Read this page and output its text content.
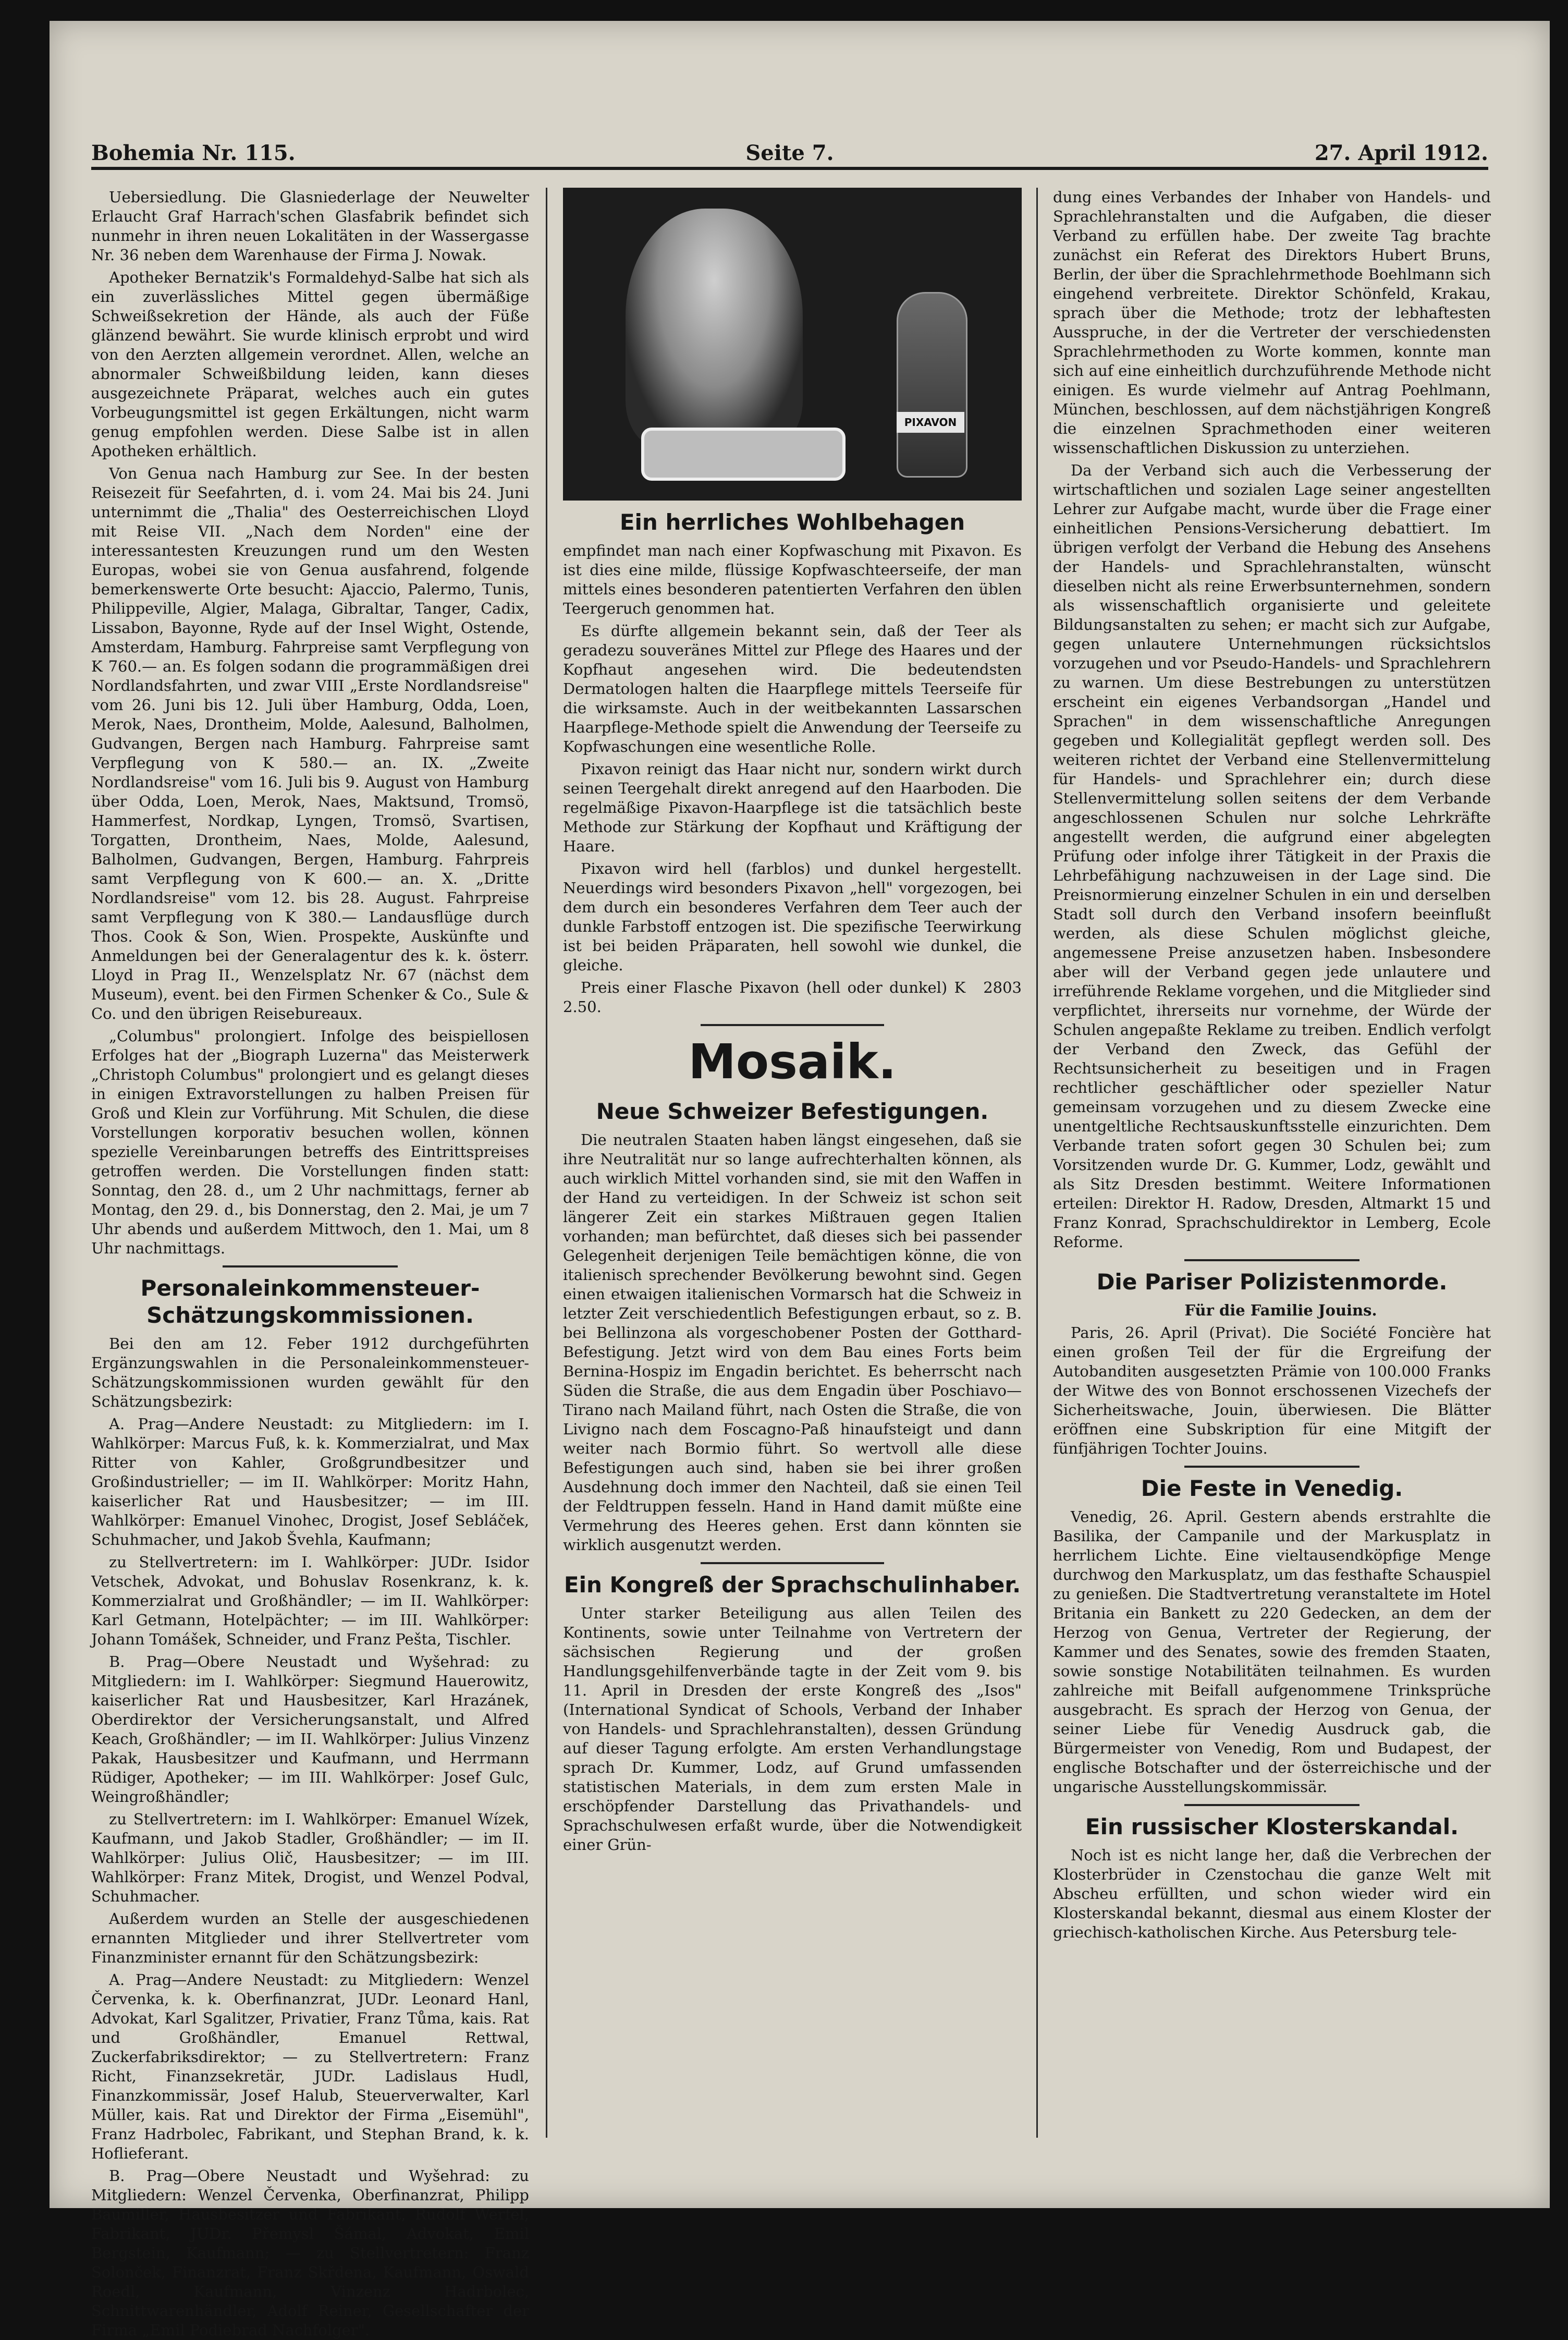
Bohemia Nr. 115.	Seite 7.	27. April 1912.

Uebersiedlung. Die Glasniederlage der Neuwelter Erlaucht Graf Harrach'schen Glasfabrik befindet sich nunmehr in ihren neuen Lokalitäten in der Wassergasse Nr. 36 neben dem Warenhause der Firma J. Nowak.

Apotheker Bernatzik's Formaldehyd-Salbe hat sich als ein zuverlässliches Mittel gegen übermäßige Schweißsekretion der Hände, als auch der Füße glänzend bewährt. Sie wurde klinisch erprobt und wird von den Aerzten allgemein verordnet. Allen, welche an abnormaler Schweißbildung leiden, kann dieses ausgezeichnete Präparat, welches auch ein gutes Vorbeugungsmittel ist gegen Erkältungen, nicht warm genug empfohlen werden. Diese Salbe ist in allen Apotheken erhältlich.

Von Genua nach Hamburg zur See. In der besten Reisezeit für Seefahrten, d. i. vom 24. Mai bis 24. Juni unternimmt die „Thalia" des Oesterreichischen Lloyd mit Reise VII. „Nach dem Norden" eine der interessantesten Kreuzungen rund um den Westen Europas, wobei sie von Genua ausfahrend, folgende bemerkenswerte Orte besucht: Ajaccio, Palermo, Tunis, Philippeville, Algier, Malaga, Gibraltar, Tanger, Cadix, Lissabon, Bayonne, Ryde auf der Insel Wight, Ostende, Amsterdam, Hamburg. Fahrpreise samt Verpflegung von K 760.— an. Es folgen sodann die programmäßigen drei Nordlandsfahrten, und zwar VIII „Erste Nordlandsreise" vom 26. Juni bis 12. Juli über Hamburg, Odda, Loen, Merok, Naes, Drontheim, Molde, Aalesund, Balholmen, Gudvangen, Bergen nach Hamburg. Fahrpreise samt Verpflegung von K 580.— an. IX. „Zweite Nordlandsreise" vom 16. Juli bis 9. August von Hamburg über Odda, Loen, Merok, Naes, Maktsund, Tromsö, Hammerfest, Nordkap, Lyngen, Tromsö, Svartisen, Torgatten, Drontheim, Naes, Molde, Aalesund, Balholmen, Gudvangen, Bergen, Hamburg. Fahrpreis samt Verpflegung von K 600.— an. X. „Dritte Nordlandsreise" vom 12. bis 28. August. Fahrpreise samt Verpflegung von K 380.— Landausflüge durch Thos. Cook & Son, Wien. Prospekte, Auskünfte und Anmeldungen bei der Generalagentur des k. k. österr. Lloyd in Prag II., Wenzelsplatz Nr. 67 (nächst dem Museum), event. bei den Firmen Schenker & Co., Sule & Co. und den übrigen Reisebureaux.

„Columbus" prolongiert. Infolge des beispiellosen Erfolges hat der „Biograph Luzerna" das Meisterwerk „Christoph Columbus" prolongiert und es gelangt dieses in einigen Extravorstellungen zu halben Preisen für Groß und Klein zur Vorführung. Mit Schulen, die diese Vorstellungen korporativ besuchen wollen, können spezielle Vereinbarungen betreffs des Eintrittspreises getroffen werden. Die Vorstellungen finden statt: Sonntag, den 28. d., um 2 Uhr nachmittags, ferner ab Montag, den 29. d., bis Donnerstag, den 2. Mai, je um 7 Uhr abends und außerdem Mittwoch, den 1. Mai, um 8 Uhr nachmittags.

Personaleinkommensteuer-Schätzungskommissionen.

Bei den am 12. Feber 1912 durchgeführten Ergänzungswahlen in die Personaleinkommensteuer-Schätzungskommissionen wurden gewählt für den Schätzungsbezirk:

A. Prag—Andere Neustadt: zu Mitgliedern: im I. Wahlkörper: Marcus Fuß, k. k. Kommerzialrat, und Max Ritter von Kahler, Großgrundbesitzer und Großindustrieller; — im II. Wahlkörper: Moritz Hahn, kaiserlicher Rat und Hausbesitzer; — im III. Wahlkörper: Emanuel Vinohec, Drogist, Josef Sebláček, Schuhmacher, und Jakob Švehla, Kaufmann;

zu Stellvertretern: im I. Wahlkörper: JUDr. Isidor Vetschek, Advokat, und Bohuslav Rosenkranz, k. k. Kommerzialrat und Großhändler; — im II. Wahlkörper: Karl Getmann, Hotelpächter; — im III. Wahlkörper: Johann Tomášek, Schneider, und Franz Pešta, Tischler.

B. Prag—Obere Neustadt und Wyšehrad: zu Mitgliedern: im I. Wahlkörper: Siegmund Hauerowitz, kaiserlicher Rat und Hausbesitzer, Karl Hrazánek, Oberdirektor der Versicherungsanstalt, und Alfred Keach, Großhändler; — im II. Wahlkörper: Julius Vinzenz Pakak, Hausbesitzer und Kaufmann, und Herrmann Rüdiger, Apotheker; — im III. Wahlkörper: Josef Gulc, Weingroßhändler;

zu Stellvertretern: im I. Wahlkörper: Emanuel Wízek, Kaufmann, und Jakob Stadler, Großhändler; — im II. Wahlkörper: Julius Olič, Hausbesitzer; — im III. Wahlkörper: Franz Mitek, Drogist, und Wenzel Podval, Schuhmacher.

Außerdem wurden an Stelle der ausgeschiedenen ernannten Mitglieder und ihrer Stellvertreter vom Finanzminister ernannt für den Schätzungsbezirk:

A. Prag—Andere Neustadt: zu Mitgliedern: Wenzel Červenka, k. k. Oberfinanzrat, JUDr. Leonard Hanl, Advokat, Karl Sgalitzer, Privatier, Franz Tůma, kais. Rat und Großhändler, Emanuel Rettwal, Zuckerfabriksdirektor; — zu Stellvertretern: Franz Richt, Finanzsekretär, JUDr. Ladislaus Hudl, Finanzkommissär, Josef Halub, Steuerverwalter, Karl Müller, kais. Rat und Direktor der Firma „Eisemühl", Franz Hadrbolec, Fabrikant, und Stephan Brand, k. k. Hoflieferant.

B. Prag—Obere Neustadt und Wyšehrad: zu Mitgliedern: Wenzel Červenka, Oberfinanzrat, Philipp Baumiller, Hausbesitzer und Fabrikant, Rudolf Werfel, Fabrikant, JUDr. Přemysl Šámal, Advokat, Emil Bergstein, Kaufmann; — zu Stellvertretern: Franz Solonček, Finanzrat, Franz Skřdena, Kaufmann, Oswald Roedl, Kaufmann, Vinzenz Hadrbolec, Schnittwarenhändler, Adolf Reiner, Gesellschafter der Firma „Emil Podiebrad Nachfolger".

PIXAVON
Ein herrliches Wohlbehagen

empfindet man nach einer Kopfwaschung mit Pixavon. Es ist dies eine milde, flüssige Kopfwaschteerseife, der man mittels eines besonderen patentierten Verfahren den üblen Teergeruch genommen hat.

Es dürfte allgemein bekannt sein, daß der Teer als geradezu souveränes Mittel zur Pflege des Haares und der Kopfhaut angesehen wird. Die bedeutendsten Dermatologen halten die Haarpflege mittels Teerseife für die wirksamste. Auch in der weitbekannten Lassarschen Haarpflege-Methode spielt die Anwendung der Teerseife zu Kopfwaschungen eine wesentliche Rolle.

Pixavon reinigt das Haar nicht nur, sondern wirkt durch seinen Teergehalt direkt anregend auf den Haarboden. Die regelmäßige Pixavon-Haarpflege ist die tatsächlich beste Methode zur Stärkung der Kopfhaut und Kräftigung der Haare.

Pixavon wird hell (farblos) und dunkel hergestellt. Neuerdings wird besonders Pixavon „hell" vorgezogen, bei dem durch ein besonderes Verfahren dem Teer auch der dunkle Farbstoff entzogen ist. Die spezifische Teerwirkung ist bei beiden Präparaten, hell sowohl wie dunkel, die gleiche.

Preis einer Flasche Pixavon (hell oder dunkel) K 2.50.
2803

Mosaik.
Neue Schweizer Befestigungen.

Die neutralen Staaten haben längst eingesehen, daß sie ihre Neutralität nur so lange aufrechterhalten können, als auch wirklich Mittel vorhanden sind, sie mit den Waffen in der Hand zu verteidigen. In der Schweiz ist schon seit längerer Zeit ein starkes Mißtrauen gegen Italien vorhanden; man befürchtet, daß dieses sich bei passender Gelegenheit derjenigen Teile bemächtigen könne, die von italienisch sprechender Bevölkerung bewohnt sind. Gegen einen etwaigen italienischen Vormarsch hat die Schweiz in letzter Zeit verschiedentlich Befestigungen erbaut, so z. B. bei Bellinzona als vorgeschobener Posten der Gotthard-Befestigung. Jetzt wird von dem Bau eines Forts beim Bernina-Hospiz im Engadin berichtet. Es beherrscht nach Süden die Straße, die aus dem Engadin über Poschiavo—Tirano nach Mailand führt, nach Osten die Straße, die von Livigno nach dem Foscagno-Paß hinaufsteigt und dann weiter nach Bormio führt. So wertvoll alle diese Befestigungen auch sind, haben sie bei ihrer großen Ausdehnung doch immer den Nachteil, daß sie einen Teil der Feldtruppen fesseln. Hand in Hand damit müßte eine Vermehrung des Heeres gehen. Erst dann könnten sie wirklich ausgenutzt werden.

Ein Kongreß der Sprachschulinhaber.

Unter starker Beteiligung aus allen Teilen des Kontinents, sowie unter Teilnahme von Vertretern der sächsischen Regierung und der großen Handlungsgehilfenverbände tagte in der Zeit vom 9. bis 11. April in Dresden der erste Kongreß des „Isos" (International Syndicat of Schools, Verband der Inhaber von Handels- und Sprachlehranstalten), dessen Gründung auf dieser Tagung erfolgte. Am ersten Verhandlungstage sprach Dr. Kummer, Lodz, auf Grund umfassenden statistischen Materials, in dem zum ersten Male in erschöpfender Darstellung das Privathandels- und Sprachschulwesen erfaßt wurde, über die Notwendigkeit einer Grün-

dung eines Verbandes der Inhaber von Handels- und Sprachlehranstalten und die Aufgaben, die dieser Verband zu erfüllen habe. Der zweite Tag brachte zunächst ein Referat des Direktors Hubert Bruns, Berlin, der über die Sprachlehrmethode Boehlmann sich eingehend verbreitete. Direktor Schönfeld, Krakau, sprach über die Methode; trotz der lebhaftesten Ausspruche, in der die Vertreter der verschiedensten Sprachlehrmethoden zu Worte kommen, konnte man sich auf eine einheitlich durchzuführende Methode nicht einigen. Es wurde vielmehr auf Antrag Poehlmann, München, beschlossen, auf dem nächstjährigen Kongreß die einzelnen Sprachmethoden einer weiteren wissenschaftlichen Diskussion zu unterziehen.

Da der Verband sich auch die Verbesserung der wirtschaftlichen und sozialen Lage seiner angestellten Lehrer zur Aufgabe macht, wurde über die Frage einer einheitlichen Pensions-Versicherung debattiert. Im übrigen verfolgt der Verband die Hebung des Ansehens der Handels- und Sprachlehranstalten, wünscht dieselben nicht als reine Erwerbsunternehmen, sondern als wissenschaftlich organisierte und geleitete Bildungsanstalten zu sehen; er macht sich zur Aufgabe, gegen unlautere Unternehmungen rücksichtslos vorzugehen und vor Pseudo-Handels- und Sprachlehrern zu warnen. Um diese Bestrebungen zu unterstützen erscheint ein eigenes Verbandsorgan „Handel und Sprachen" in dem wissenschaftliche Anregungen gegeben und Kollegialität gepflegt werden soll. Des weiteren richtet der Verband eine Stellenvermittelung für Handels- und Sprachlehrer ein; durch diese Stellenvermittelung sollen seitens der dem Verbande angeschlossenen Schulen nur solche Lehrkräfte angestellt werden, die aufgrund einer abgelegten Prüfung oder infolge ihrer Tätigkeit in der Praxis die Lehrbefähigung nachzuweisen in der Lage sind. Die Preisnormierung einzelner Schulen in ein und derselben Stadt soll durch den Verband insofern beeinflußt werden, als diese Schulen möglichst gleiche, angemessene Preise anzusetzen haben. Insbesondere aber will der Verband gegen jede unlautere und irreführende Reklame vorgehen, und die Mitglieder sind verpflichtet, ihrerseits nur vornehme, der Würde der Schulen angepaßte Reklame zu treiben. Endlich verfolgt der Verband den Zweck, das Gefühl der Rechtsunsicherheit zu beseitigen und in Fragen rechtlicher geschäftlicher oder spezieller Natur gemeinsam vorzugehen und zu diesem Zwecke eine unentgeltliche Rechtsauskunftsstelle einzurichten. Dem Verbande traten sofort gegen 30 Schulen bei; zum Vorsitzenden wurde Dr. G. Kummer, Lodz, gewählt und als Sitz Dresden bestimmt. Weitere Informationen erteilen: Direktor H. Radow, Dresden, Altmarkt 15 und Franz Konrad, Sprachschuldirektor in Lemberg, Ecole Reforme.

Die Pariser Polizistenmorde.

Für die Familie Jouins.

Paris, 26. April (Privat). Die Société Foncière hat einen großen Teil der für die Ergreifung der Autobanditen ausgesetzten Prämie von 100.000 Franks der Witwe des von Bonnot erschossenen Vizechefs der Sicherheitswache, Jouin, überwiesen. Die Blätter eröffnen eine Subskription für eine Mitgift der fünfjährigen Tochter Jouins.

Die Feste in Venedig.

Venedig, 26. April. Gestern abends erstrahlte die Basilika, der Campanile und der Markusplatz in herrlichem Lichte. Eine vieltausendköpfige Menge durchwog den Markusplatz, um das festhafte Schauspiel zu genießen. Die Stadtvertretung veranstaltete im Hotel Britania ein Bankett zu 220 Gedecken, an dem der Herzog von Genua, Vertreter der Regierung, der Kammer und des Senates, sowie des fremden Staaten, sowie sonstige Notabilitäten teilnahmen. Es wurden zahlreiche mit Beifall aufgenommene Trinksprüche ausgebracht. Es sprach der Herzog von Genua, der seiner Liebe für Venedig Ausdruck gab, die Bürgermeister von Venedig, Rom und Budapest, der englische Botschafter und der österreichische und der ungarische Ausstellungskommissär.

Ein russischer Klosterskandal.

Noch ist es nicht lange her, daß die Verbrechen der Klosterbrüder in Czenstochau die ganze Welt mit Abscheu erfüllten, und schon wieder wird ein Klosterskandal bekannt, diesmal aus einem Kloster der griechisch-katholischen Kirche. Aus Petersburg tele-
